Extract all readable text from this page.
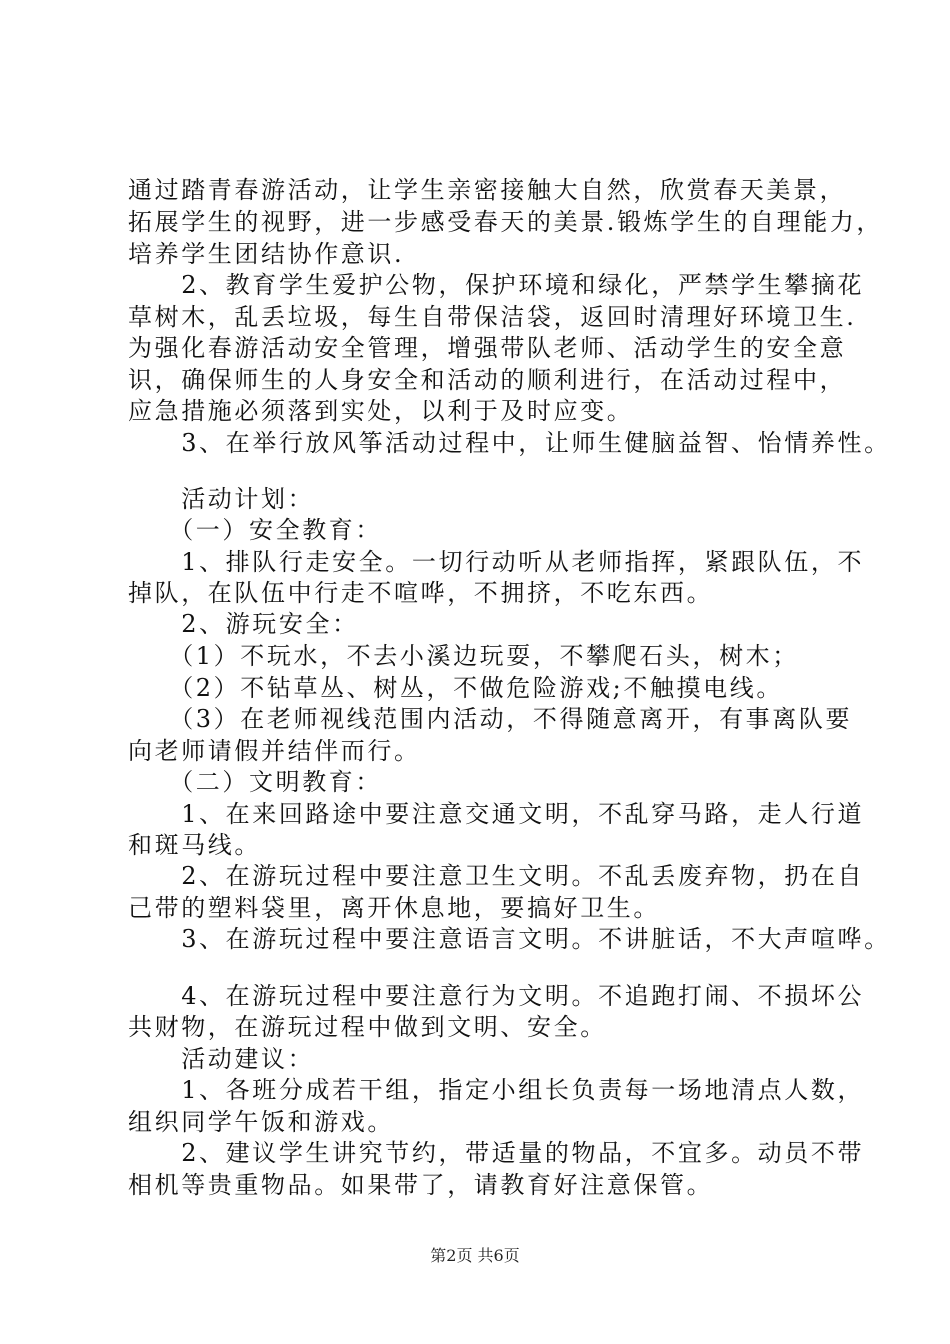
通过踏青春游活动，让学生亲密接触大自然，欣赏春天美景，
拓展学生的视野，进一步感受春天的美景.锻炼学生的自理能力，
培养学生团结协作意识.
　　2、教育学生爱护公物，保护环境和绿化，严禁学生攀摘花
草树木，乱丢垃圾，每生自带保洁袋，返回时清理好环境卫生.
为强化春游活动安全管理，增强带队老师、活动学生的安全意
识，确保师生的人身安全和活动的顺利进行，在活动过程中，
应急措施必须落到实处，以利于及时应变。
　　3、在举行放风筝活动过程中，让师生健脑益智、怡情养性。
　　活动计划：
　　（一）安全教育：
　　1、排队行走安全。一切行动听从老师指挥，紧跟队伍，不
掉队，在队伍中行走不喧哗，不拥挤，不吃东西。
　　2、游玩安全：
　　（1）不玩水，不去小溪边玩耍，不攀爬石头，树木；
　　（2）不钻草丛、树丛，不做危险游戏;不触摸电线。
　　（3）在老师视线范围内活动，不得随意离开，有事离队要
向老师请假并结伴而行。
　　（二）文明教育：
　　1、在来回路途中要注意交通文明，不乱穿马路，走人行道
和斑马线。
　　2、在游玩过程中要注意卫生文明。不乱丢废弃物，扔在自
己带的塑料袋里，离开休息地，要搞好卫生。
　　3、在游玩过程中要注意语言文明。不讲脏话，不大声喧哗。
　　4、在游玩过程中要注意行为文明。不追跑打闹、不损坏公
共财物，在游玩过程中做到文明、安全。
　　活动建议：
　　1、各班分成若干组，指定小组长负责每一场地清点人数，
组织同学午饭和游戏。
　　2、建议学生讲究节约，带适量的物品，不宜多。动员不带
相机等贵重物品。如果带了，请教育好注意保管。
第2页 共6页
